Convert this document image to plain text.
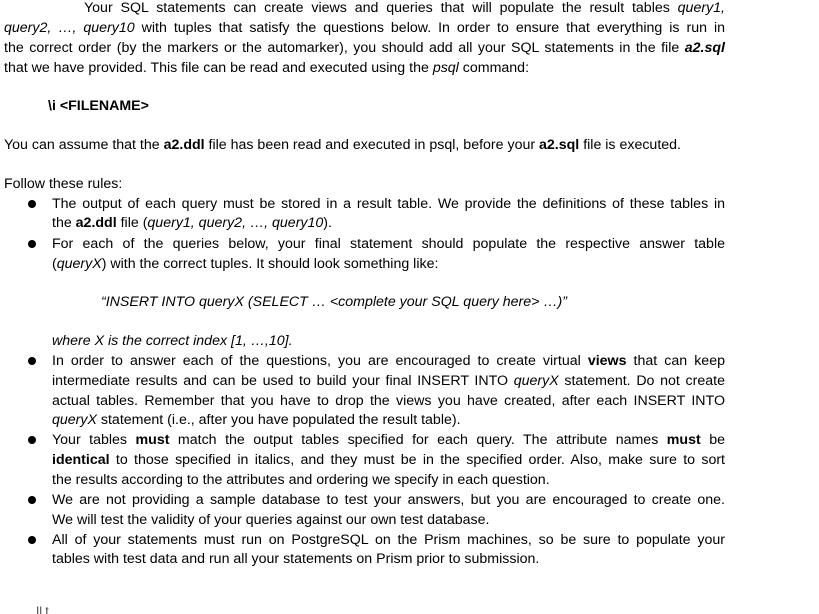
Your SQL statements can create views and queries that will populate the result tables query1,
query2, …, query10 with tuples that satisfy the questions below. In order to ensure that everything is run in
the correct order (by the markers or the automarker), you should add all your SQL statements in the file a2.sql
that we have provided. This file can be read and executed using the psql command:
\i <FILENAME>
You can assume that the a2.ddl file has been read and executed in psql, before your a2.sql file is executed.
Follow these rules:
The output of each query must be stored in a result table. We provide the definitions of these tables in
the a2.ddl file (query1, query2, …, query10).
For each of the queries below, your final statement should populate the respective answer table
(queryX) with the correct tuples. It should look something like:
“INSERT INTO queryX (SELECT … <complete your SQL query here> …)”
where X is the correct index [1, …,10].
In order to answer each of the questions, you are encouraged to create virtual views that can keep
intermediate results and can be used to build your final INSERT INTO queryX statement. Do not create
actual tables. Remember that you have to drop the views you have created, after each INSERT INTO
queryX statement (i.e., after you have populated the result table).
Your tables must match the output tables specified for each query. The attribute names must be
identical to those specified in italics, and they must be in the specified order. Also, make sure to sort
the results according to the attributes and ordering we specify in each question.
We are not providing a sample database to test your answers, but you are encouraged to create one.
We will test the validity of your queries against our own test database.
All of your statements must run on PostgreSQL on the Prism machines, so be sure to populate your
tables with test data and run all your statements on Prism prior to submission.
Il t
